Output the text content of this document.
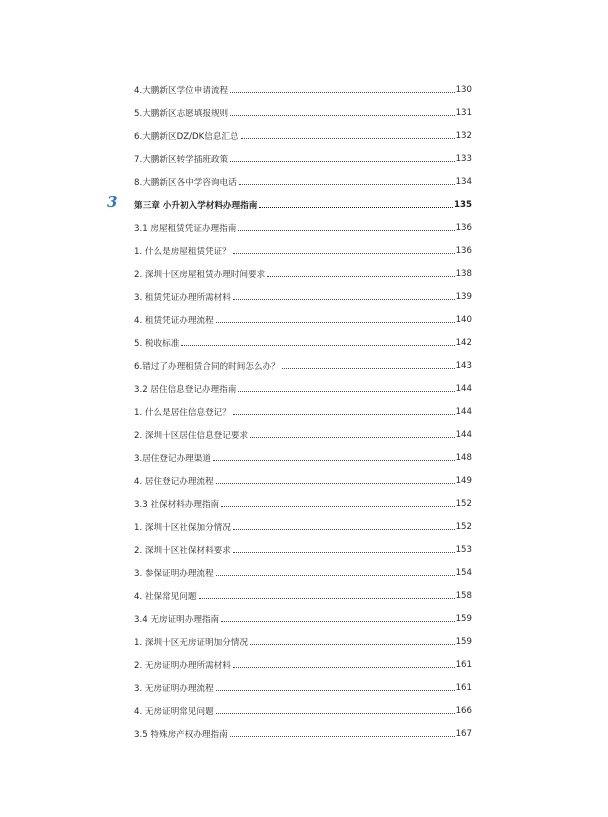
4.大鹏新区学位申请流程	130
5.大鹏新区志愿填报规则	131
6.大鹏新区DZ/DK信息汇总	132
7.大鹏新区转学插班政策	133
8.大鹏新区各中学咨询电话	134
3 第三章 小升初入学材料办理指南	135
3.1 房屋租赁凭证办理指南	136
1. 什么是房屋租赁凭证？	136
2. 深圳十区房屋租赁办理时间要求	138
3. 租赁凭证办理所需材料	139
4. 租赁凭证办理流程	140
5. 税收标准	142
6.错过了办理租赁合同的时间怎么办？	143
3.2 居住信息登记办理指南	144
1. 什么是居住信息登记？	144
2. 深圳十区居住信息登记要求	144
3.居住登记办理渠道	148
4. 居住登记办理流程	149
3.3 社保材料办理指南	152
1. 深圳十区社保加分情况	152
2. 深圳十区社保材料要求	153
3. 参保证明办理流程	154
4. 社保常见问题	158
3.4 无房证明办理指南	159
1. 深圳十区无房证明加分情况	159
2. 无房证明办理所需材料	161
3. 无房证明办理流程	161
4. 无房证明常见问题	166
3.5 特殊房产权办理指南	167
